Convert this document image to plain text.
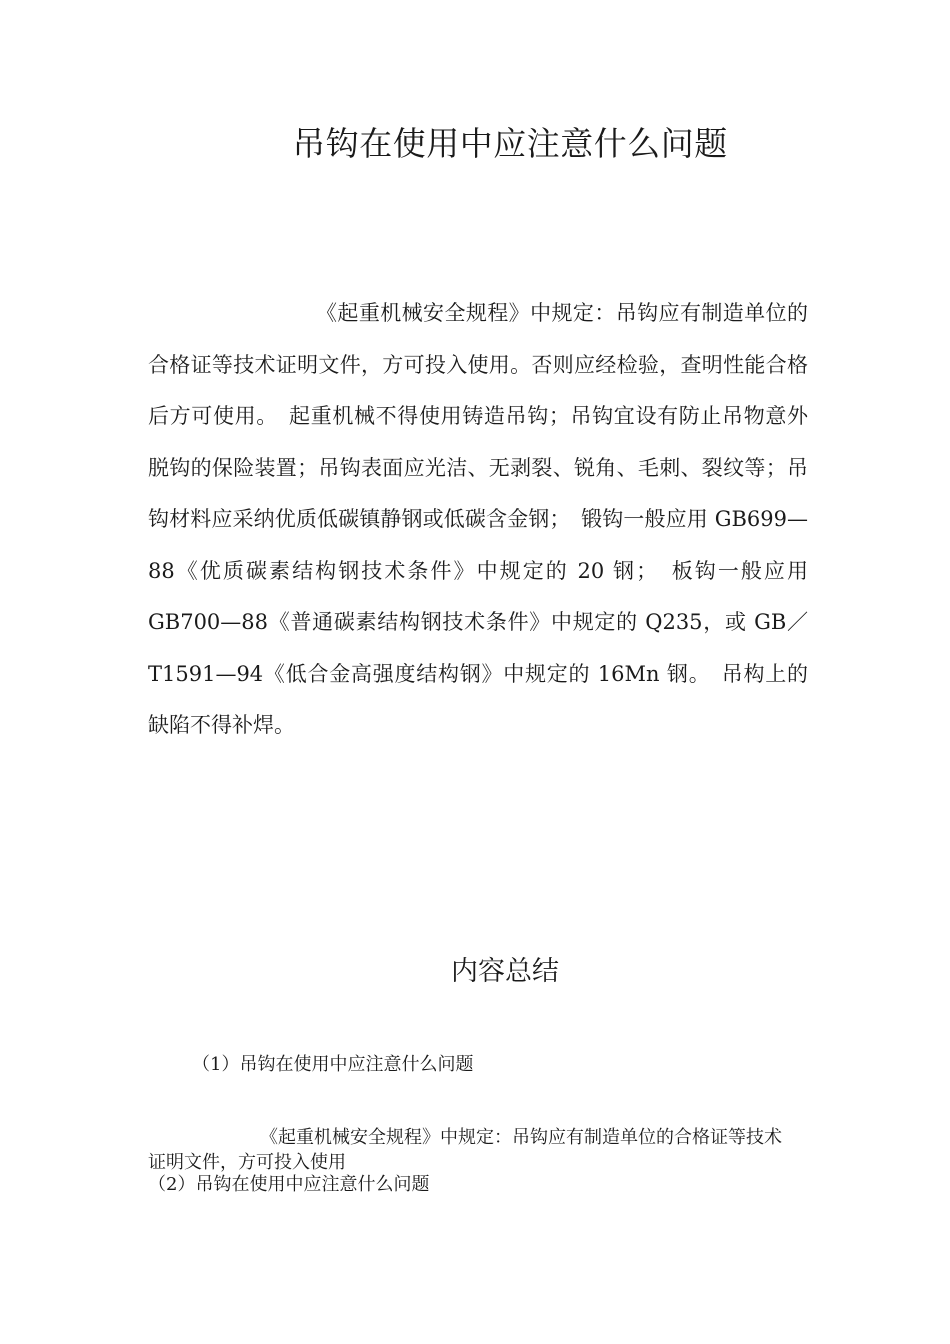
吊钩在使用中应注意什么问题
《起重机械安全规程》中规定：吊钩应有制造单位的合格证等技术证明文件，方可投入使用。否则应经检验，查明性能合格后方可使用。　起重机械不得使用铸造吊钩；吊钩宜设有防止吊物意外脱钩的保险装置；吊钩表面应光洁、无剥裂、锐角、毛刺、裂纹等；吊钩材料应采纳优质低碳镇静钢或低碳含金钢；　锻钩一般应用 GB699—88《优质碳素结构钢技术条件》中规定的 20 钢；　板钩一般应用 GB700—88《普通碳素结构钢技术条件》中规定的 Q235，或 GB／T1591—94《低合金高强度结构钢》中规定的 16Mn 钢。　吊构上的缺陷不得补焊。
内容总结
（1）吊钩在使用中应注意什么问题
《起重机械安全规程》中规定：吊钩应有制造单位的合格证等技术证明文件，方可投入使用
（2）吊钩在使用中应注意什么问题
